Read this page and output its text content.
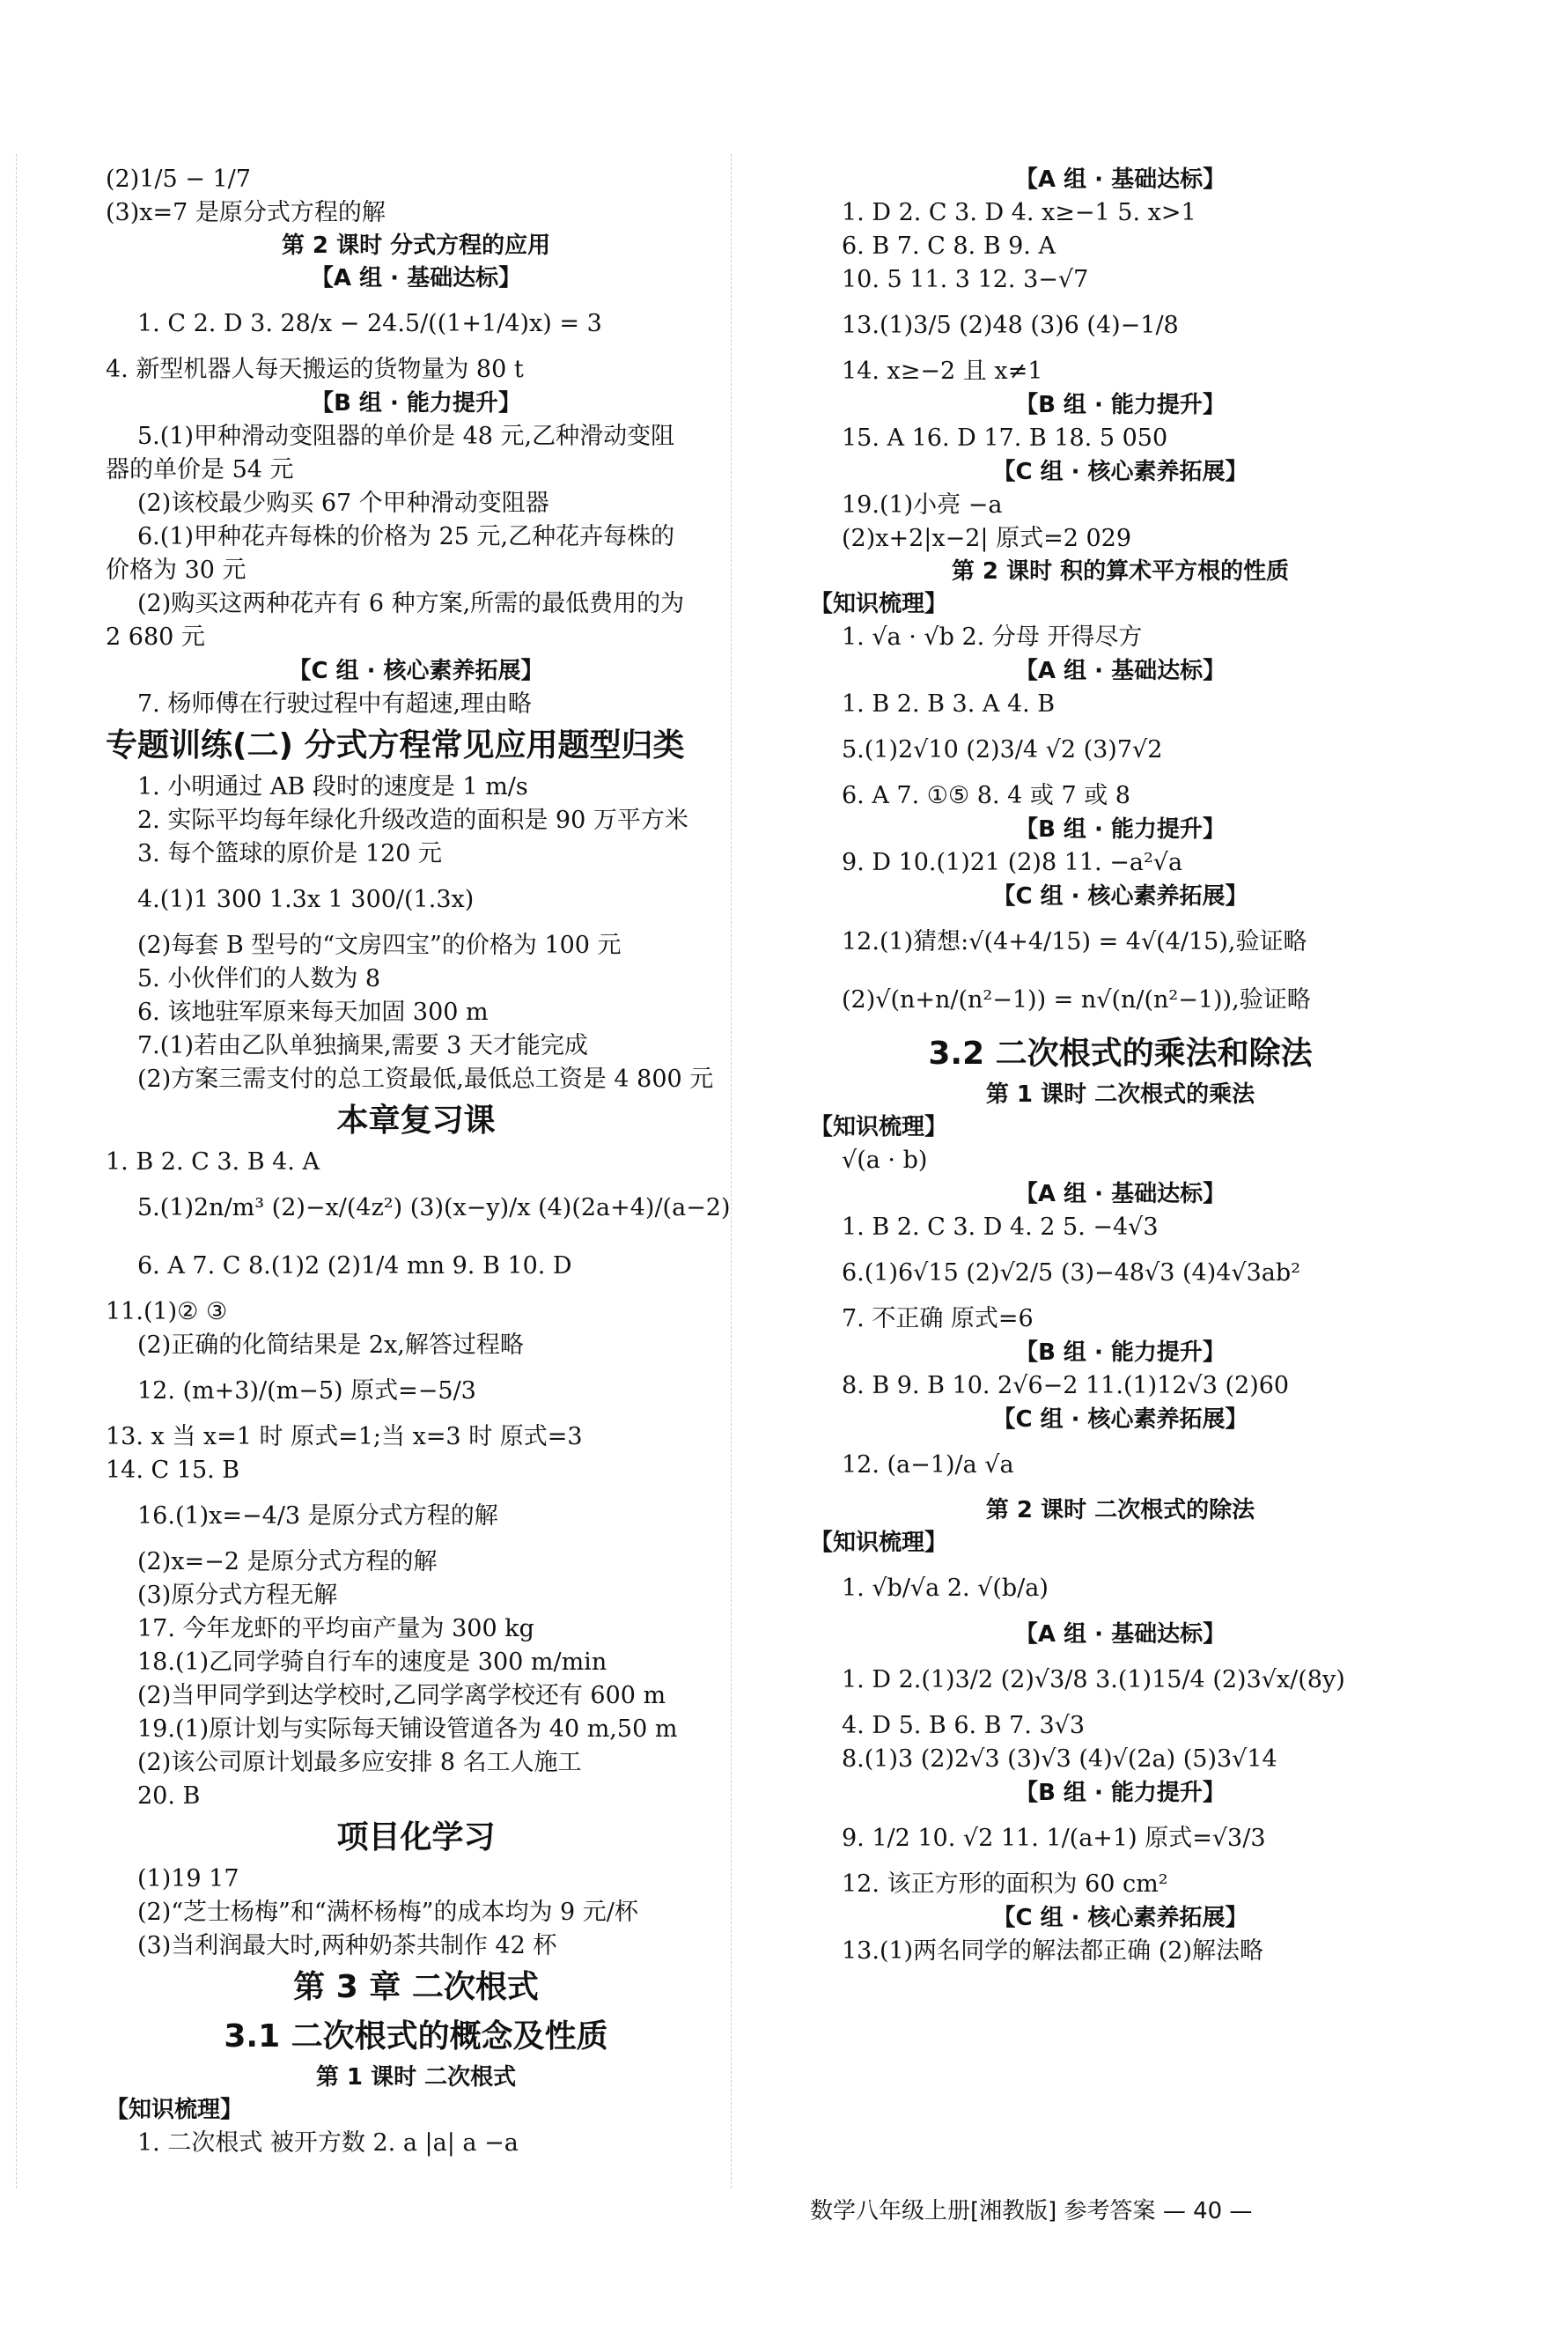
(2)1/5 − 1/7
(3)x=7 是原分式方程的解
第 2 课时 分式方程的应用
【A 组 · 基础达标】
1. C 2. D 3. 28/x − 24.5/((1+1/4)x) = 3
4. 新型机器人每天搬运的货物量为 80 t
【B 组 · 能力提升】
5.(1)甲种滑动变阻器的单价是 48 元,乙种滑动变阻
器的单价是 54 元
(2)该校最少购买 67 个甲种滑动变阻器
6.(1)甲种花卉每株的价格为 25 元,乙种花卉每株的
价格为 30 元
(2)购买这两种花卉有 6 种方案,所需的最低费用的为
2 680 元
【C 组 · 核心素养拓展】
7. 杨师傅在行驶过程中有超速,理由略
专题训练(二) 分式方程常见应用题型归类
1. 小明通过 AB 段时的速度是 1 m/s
2. 实际平均每年绿化升级改造的面积是 90 万平方米
3. 每个篮球的原价是 120 元
4.(1)1 300 1.3x 1 300/(1.3x)
(2)每套 B 型号的“文房四宝”的价格为 100 元
5. 小伙伴们的人数为 8
6. 该地驻军原来每天加固 300 m
7.(1)若由乙队单独摘果,需要 3 天才能完成
(2)方案三需支付的总工资最低,最低总工资是 4 800 元
本章复习课
1. B 2. C 3. B 4. A
5.(1)2n/m³ (2)−x/(4z²) (3)(x−y)/x (4)(2a+4)/(a−2)
6. A 7. C 8.(1)2 (2)1/4 mn 9. B 10. D
11.(1)② ③
(2)正确的化简结果是 2x,解答过程略
12. (m+3)/(m−5) 原式=−5/3
13. x 当 x=1 时 原式=1;当 x=3 时 原式=3
14. C 15. B
16.(1)x=−4/3 是原分式方程的解
(2)x=−2 是原分式方程的解
(3)原分式方程无解
17. 今年龙虾的平均亩产量为 300 kg
18.(1)乙同学骑自行车的速度是 300 m/min
(2)当甲同学到达学校时,乙同学离学校还有 600 m
19.(1)原计划与实际每天铺设管道各为 40 m,50 m
(2)该公司原计划最多应安排 8 名工人施工
20. B
项目化学习
(1)19 17
(2)“芝士杨梅”和“满杯杨梅”的成本均为 9 元/杯
(3)当利润最大时,两种奶茶共制作 42 杯
第 3 章 二次根式
3.1 二次根式的概念及性质
第 1 课时 二次根式
【知识梳理】
1. 二次根式 被开方数 2. a |a| a −a
【A 组 · 基础达标】
1. D 2. C 3. D 4. x≥−1 5. x>1
6. B 7. C 8. B 9. A
10. 5 11. 3 12. 3−√7
13.(1)3/5 (2)48 (3)6 (4)−1/8
14. x≥−2 且 x≠1
【B 组 · 能力提升】
15. A 16. D 17. B 18. 5 050
【C 组 · 核心素养拓展】
19.(1)小亮 −a
(2)x+2|x−2| 原式=2 029
第 2 课时 积的算术平方根的性质
【知识梳理】
1. √a · √b 2. 分母 开得尽方
【A 组 · 基础达标】
1. B 2. B 3. A 4. B
5.(1)2√10 (2)3/4 √2 (3)7√2
6. A 7. ①⑤ 8. 4 或 7 或 8
【B 组 · 能力提升】
9. D 10.(1)21 (2)8 11. −a²√a
【C 组 · 核心素养拓展】
12.(1)猜想:√(4+4/15) = 4√(4/15),验证略
(2)√(n+n/(n²−1)) = n√(n/(n²−1)),验证略
3.2 二次根式的乘法和除法
第 1 课时 二次根式的乘法
【知识梳理】
√(a · b)
【A 组 · 基础达标】
1. B 2. C 3. D 4. 2 5. −4√3
6.(1)6√15 (2)√2/5 (3)−48√3 (4)4√3ab²
7. 不正确 原式=6
【B 组 · 能力提升】
8. B 9. B 10. 2√6−2 11.(1)12√3 (2)60
【C 组 · 核心素养拓展】
12. (a−1)/a √a
第 2 课时 二次根式的除法
【知识梳理】
1. √b/√a 2. √(b/a)
【A 组 · 基础达标】
1. D 2.(1)3/2 (2)√3/8 3.(1)15/4 (2)3√x/(8y)
4. D 5. B 6. B 7. 3√3
8.(1)3 (2)2√3 (3)√3 (4)√(2a) (5)3√14
【B 组 · 能力提升】
9. 1/2 10. √2 11. 1/(a+1) 原式=√3/3
12. 该正方形的面积为 60 cm²
【C 组 · 核心素养拓展】
13.(1)两名同学的解法都正确 (2)解法略
数学八年级上册[湘教版] 参考答案 — 40 —
